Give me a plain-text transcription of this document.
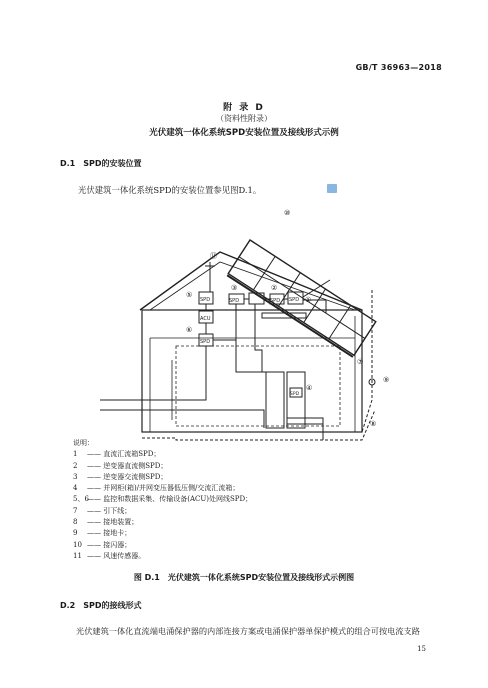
GB/T 36963—2018
附 录 D
（资料性附录）
光伏建筑一体化系统SPD安装位置及接线形式示例
D.1　SPD的安装位置
光伏建筑一体化系统SPD的安装位置参见图D.1。
SPD
ACU
SPD
SPD	SPD SPD
SPD
⑩
⑤
③	②
①
⑥
④
⑦
⑨
⑧
⑪
说明：
1 —— 直流汇流箱SPD；
2 —— 逆变器直流侧SPD；
3 —— 逆变器交流侧SPD；
4 —— 并网柜(箱)/并网变压器低压侧/交流汇流箱；
5、6—— 监控和数据采集、传输设备(ACU)处网线SPD；
7 —— 引下线；
8 —— 接地装置；
9 —— 接地卡；
10 —— 接闪器；
11 —— 风速传感器。
图 D.1　光伏建筑一体化系统SPD安装位置及接线形式示例图
D.2　SPD的接线形式
光伏建筑一体化直流端电涌保护器的内部连接方案或电涌保护器单保护模式的组合可按电流支路
15
